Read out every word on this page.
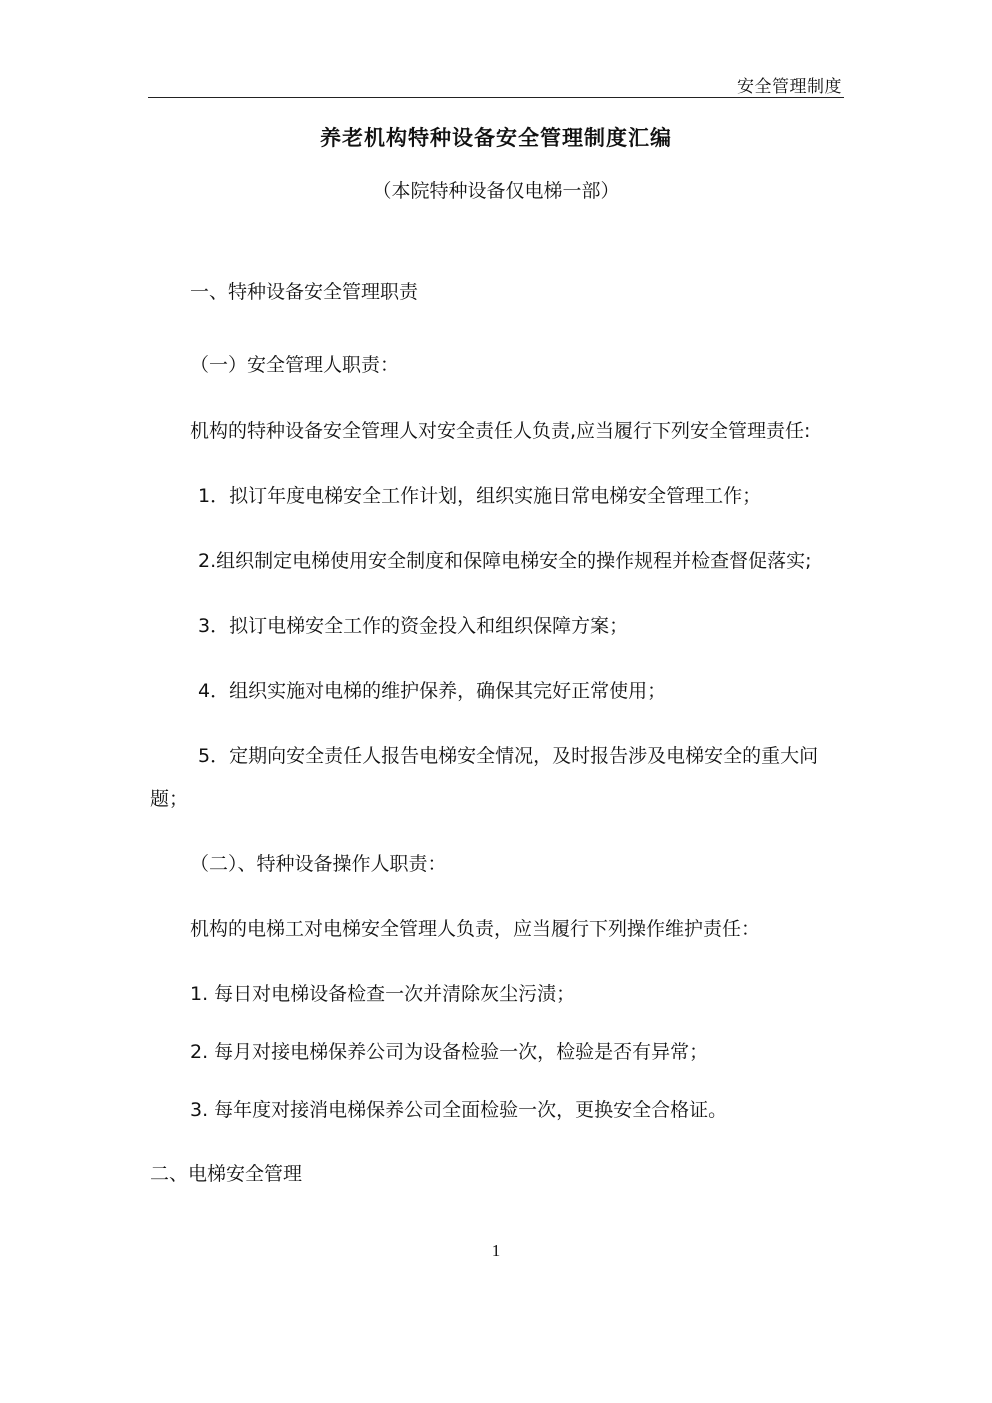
安全管理制度
养老机构特种设备安全管理制度汇编
（本院特种设备仅电梯一部）
一、特种设备安全管理职责
（一）安全管理人职责：
机构的特种设备安全管理人对安全责任人负责,应当履行下列安全管理责任:
1．拟订年度电梯安全工作计划，组织实施日常电梯安全管理工作；
2.组织制定电梯使用安全制度和保障电梯安全的操作规程并检查督促落实;
3．拟订电梯安全工作的资金投入和组织保障方案；
4．组织实施对电梯的维护保养，确保其完好正常使用；
5．定期向安全责任人报告电梯安全情况，及时报告涉及电梯安全的重大问
题；
（二）、特种设备操作人职责：
机构的电梯工对电梯安全管理人负责，应当履行下列操作维护责任：
1. 每日对电梯设备检查一次并清除灰尘污渍；
2. 每月对接电梯保养公司为设备检验一次，检验是否有异常；
3. 每年度对接消电梯保养公司全面检验一次，更换安全合格证。
二、电梯安全管理
1
